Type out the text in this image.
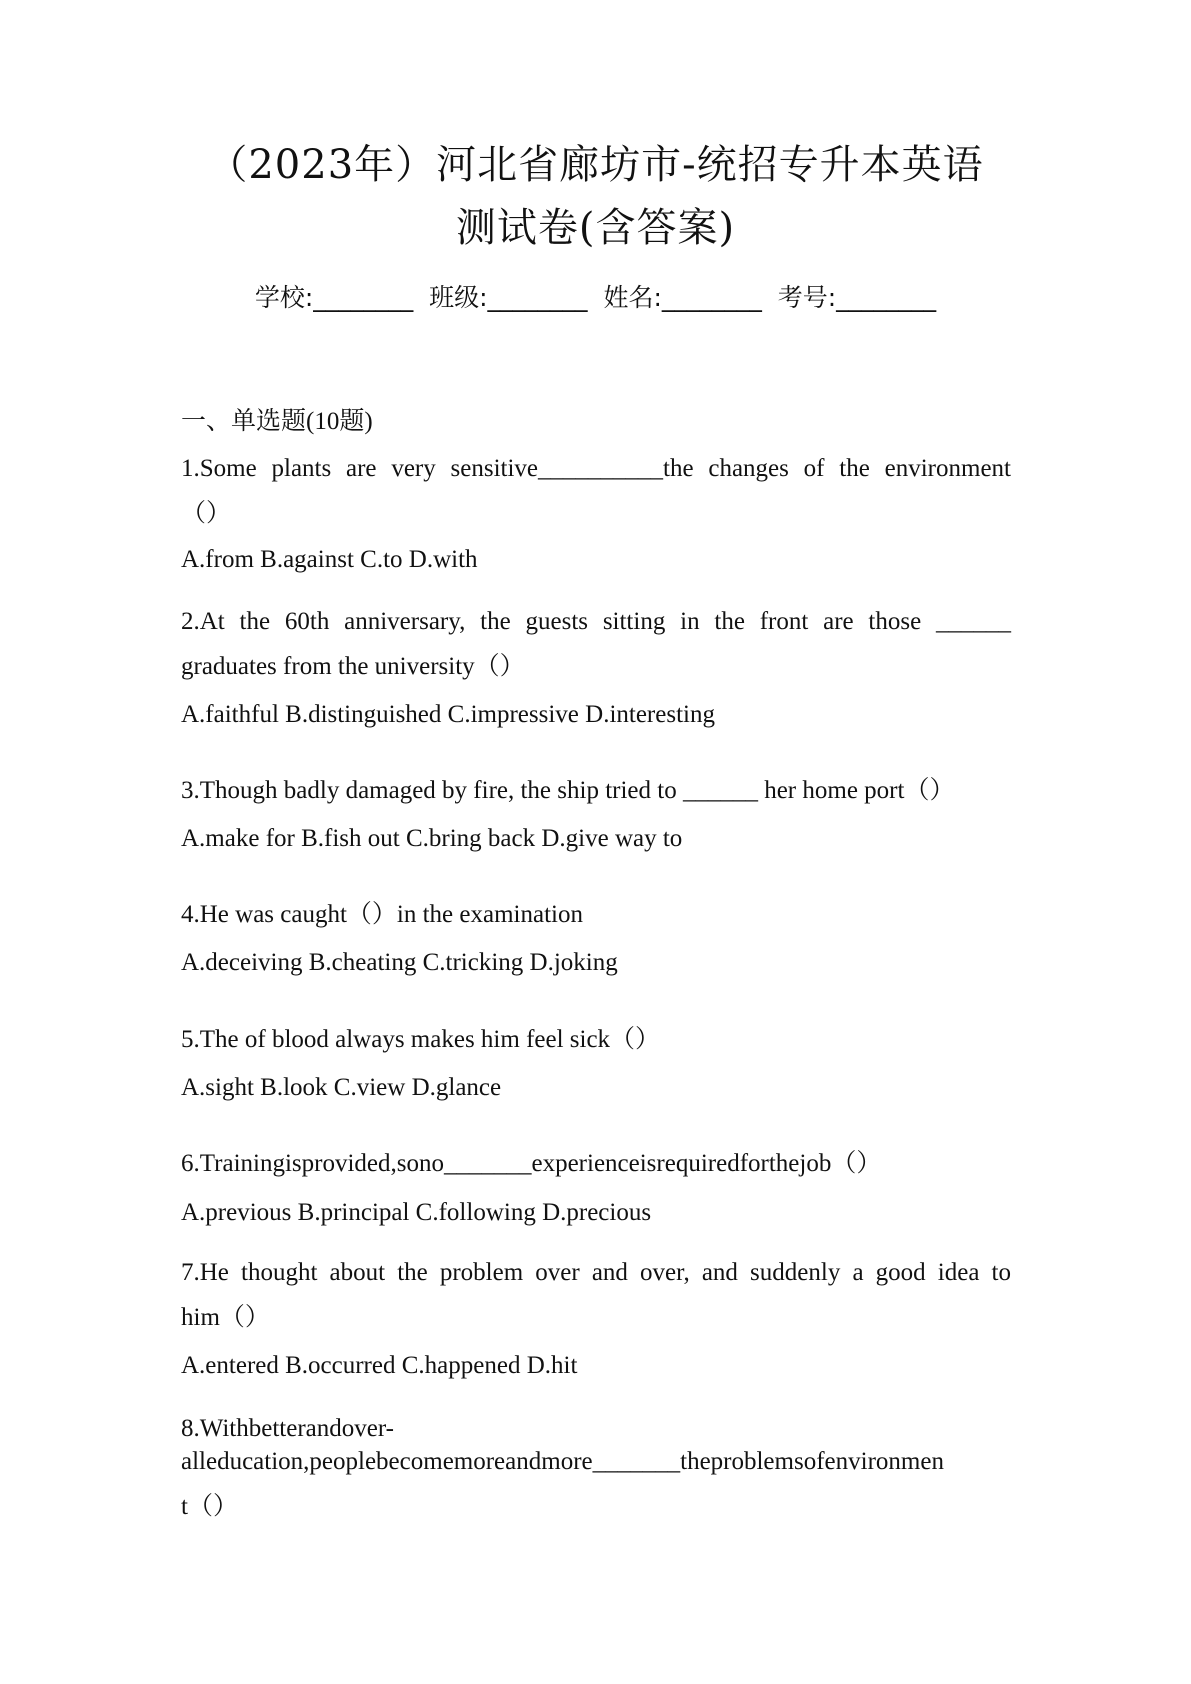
（2023年）河北省廊坊市-统招专升本英语
测试卷(含答案)
学校:________  班级:________  姓名:________  考号:________
一、单选题(10题)
1.Some plants are very sensitive__________the changes of the environment
（）
A.from B.against C.to D.with
2.At the 60th anniversary, the guests sitting in the front are those ______
graduates from the university（）
A.faithful B.distinguished C.impressive D.interesting
3.Though badly damaged by fire, the ship tried to ______ her home port（）
A.make for B.fish out C.bring back D.give way to
4.He was caught（）in the examination
A.deceiving B.cheating C.tricking D.joking
5.The of blood always makes him feel sick（）
A.sight B.look C.view D.glance
6.Trainingisprovided,sono_______experienceisrequiredforthejob（）
A.previous B.principal C.following D.precious
7.He thought about the problem over and over, and suddenly a good idea to
him（）
A.entered B.occurred C.happened D.hit
8.Withbetterandover-
alleducation,peoplebecomemoreandmore_______theproblemsofenvironmen
t（）
